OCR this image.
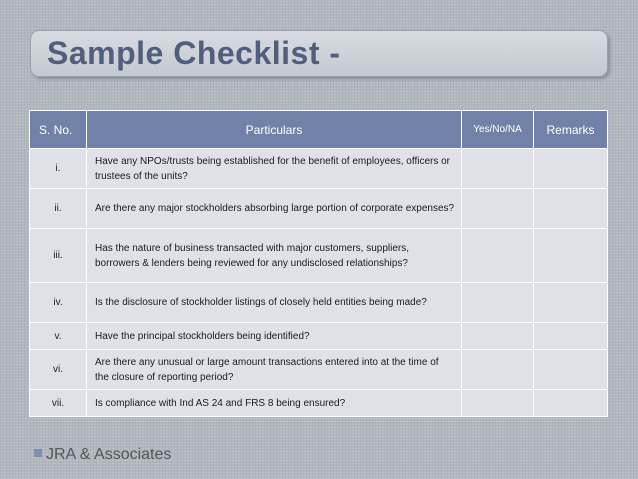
Sample Checklist -
S. No.	Particulars	Yes/No/NA	Remarks
i.	Have any NPOs/trusts being established for the benefit of employees, officers or trustees of the units?		
ii.	Are there any major stockholders absorbing large portion of corporate expenses?		
iii.	Has the nature of business transacted with major customers, suppliers, borrowers & lenders being reviewed for any undisclosed relationships?		
iv.	Is the disclosure of stockholder listings of closely held entities being made?		
v.	Have the principal stockholders being identified?		
vi.	Are there any unusual or large amount transactions entered into at the time of the closure of reporting period?		
vii.	Is compliance with Ind AS 24 and FRS 8 being ensured?		
JRA & Associates
